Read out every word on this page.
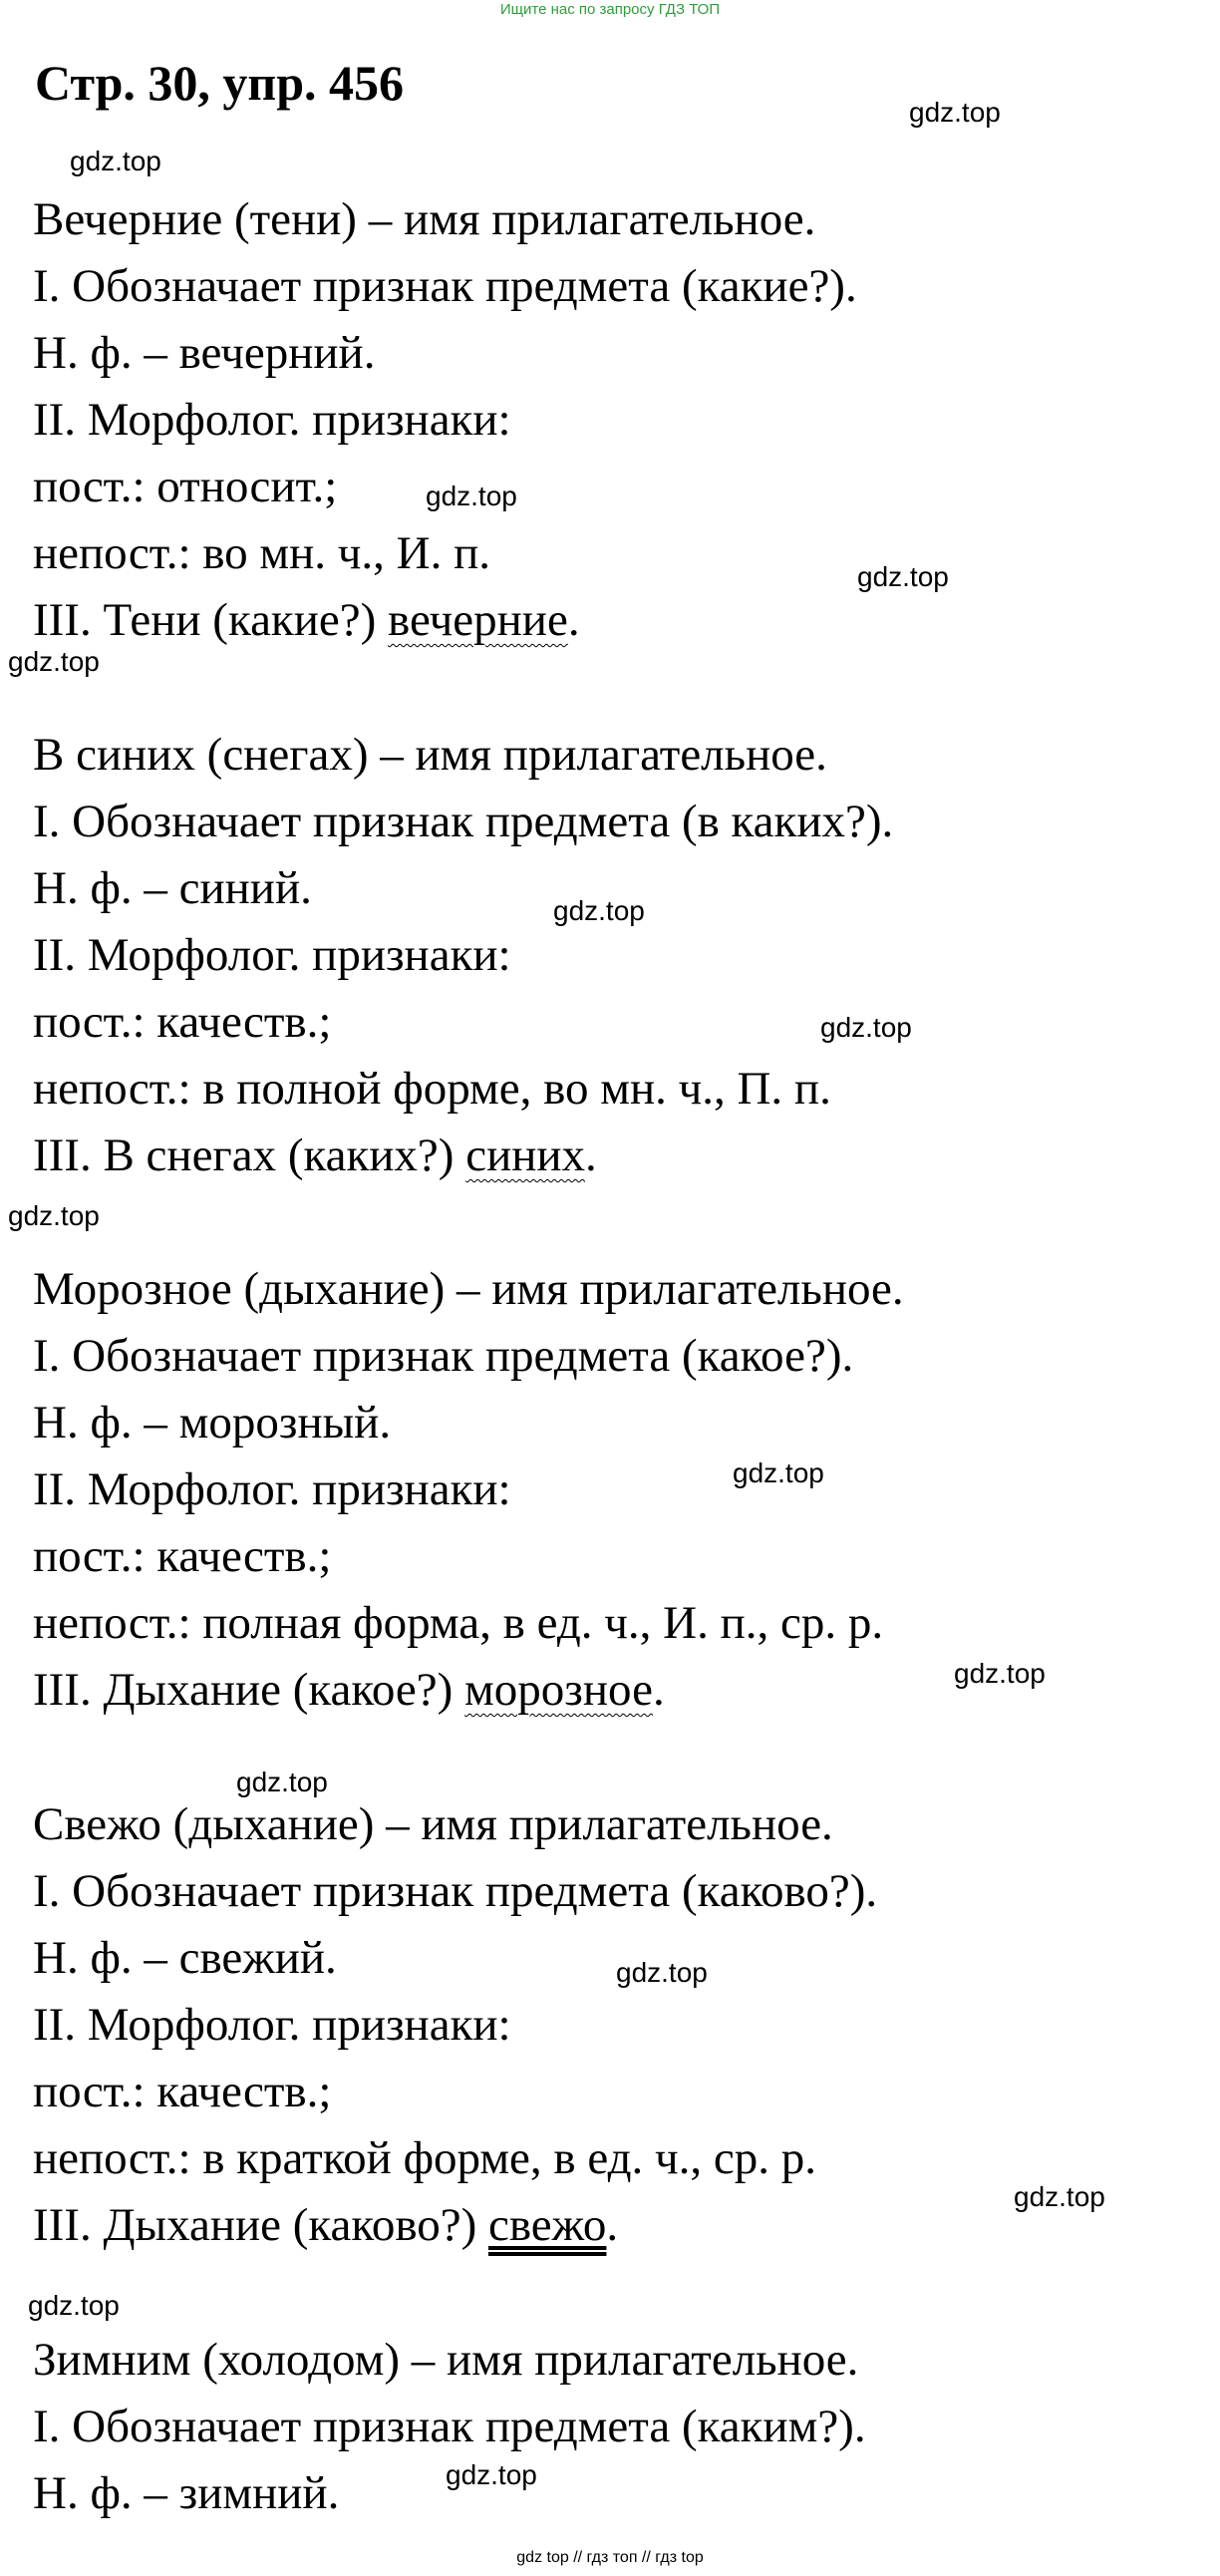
Ищите нас по запросу ГДЗ ТОП
Стр. 30, упр. 456
Вечерние (тени) – имя прилагательное.
I. Обозначает признак предмета (какие?).
Н. ф. – вечерний.
II. Морфолог. признаки:
пост.: относит.;
непост.: во мн. ч., И. п.
III. Тени (какие?) вечерние.
В синих (снегах) – имя прилагательное.
I. Обозначает признак предмета (в каких?).
Н. ф. – синий.
II. Морфолог. признаки:
пост.: качеств.;
непост.: в полной форме, во мн. ч., П. п.
III. В снегах (каких?) синих.
Морозное (дыхание) – имя прилагательное.
I. Обозначает признак предмета (какое?).
Н. ф. – морозный.
II. Морфолог. признаки:
пост.: качеств.;
непост.: полная форма, в ед. ч., И. п., ср. р.
III. Дыхание (какое?) морозное.
Свежо (дыхание) – имя прилагательное.
I. Обозначает признак предмета (каково?).
Н. ф. – свежий.
II. Морфолог. признаки:
пост.: качеств.;
непост.: в краткой форме, в ед. ч., ср. р.
III. Дыхание (каково?) свежо.
Зимним (холодом) – имя прилагательное.
I. Обозначает признак предмета (каким?).
Н. ф. – зимний.
gdz.top
gdz.top
gdz.top
gdz.top
gdz.top
gdz.top
gdz.top
gdz.top
gdz.top
gdz.top
gdz.top
gdz.top
gdz.top
gdz.top
gdz.top
gdz top // гдз топ // гдз top
